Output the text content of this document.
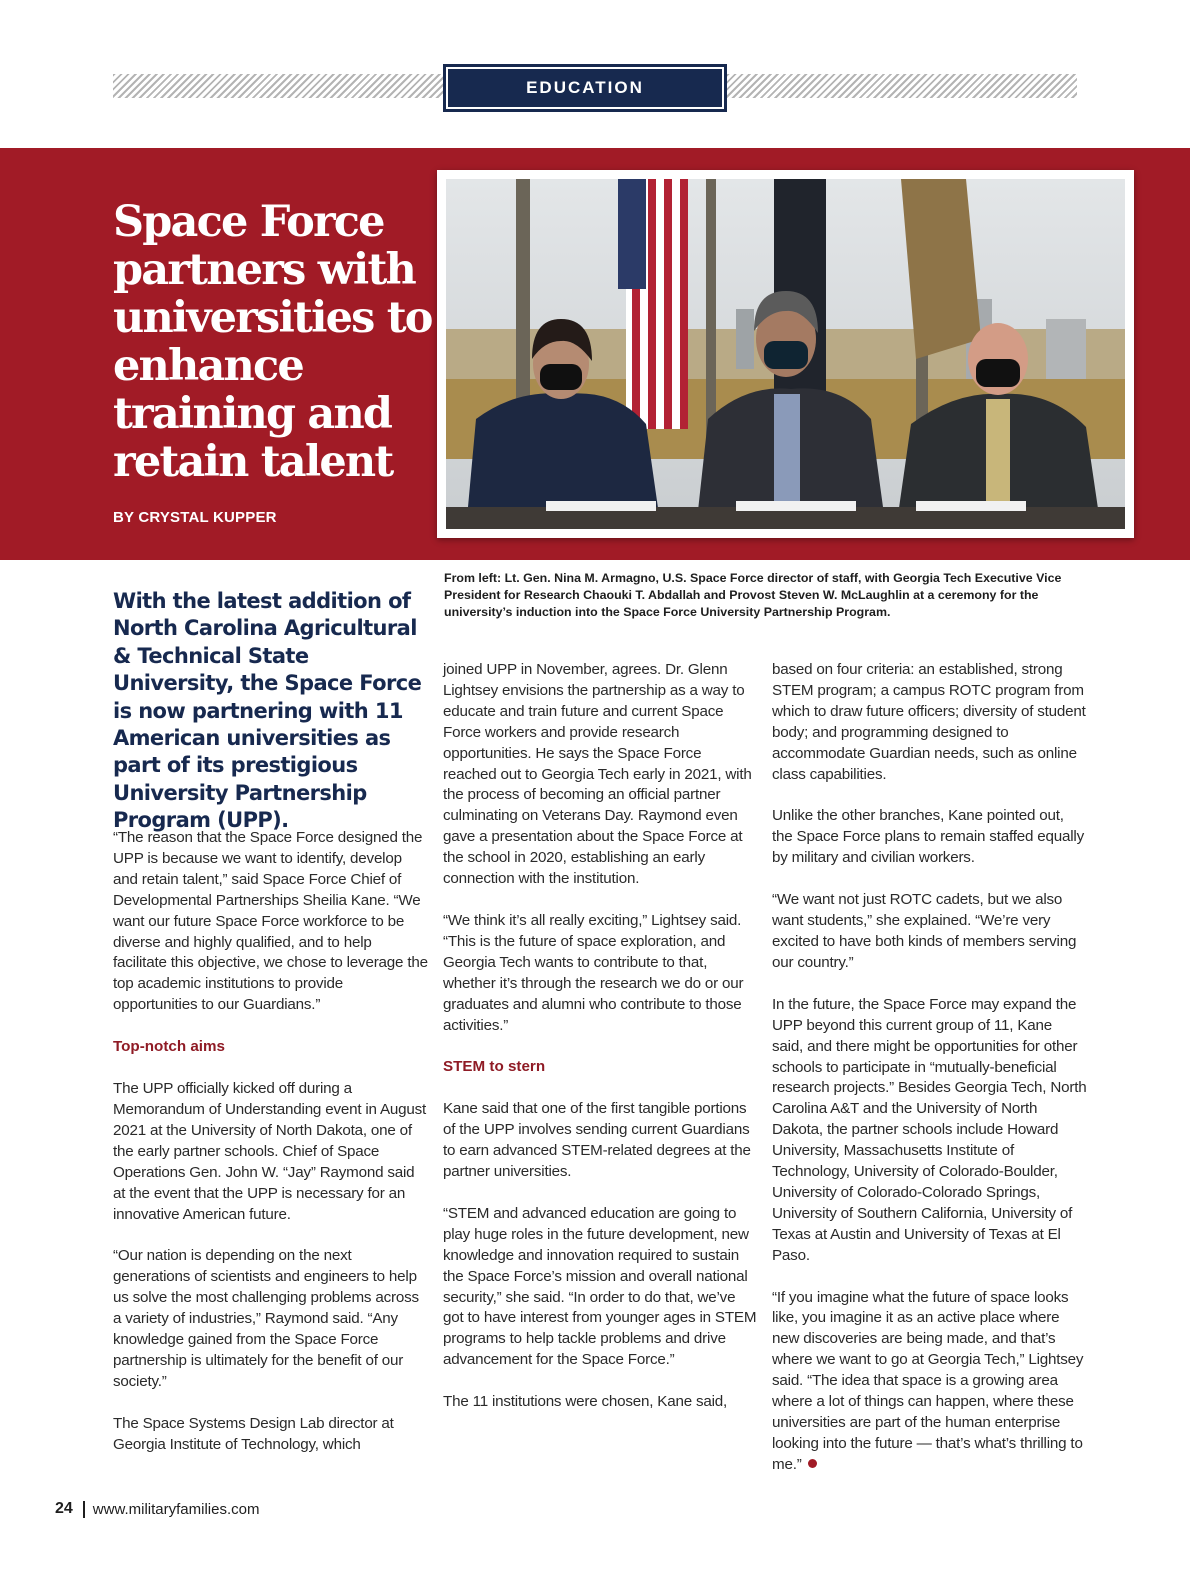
EDUCATION
Space Force partners with universities to enhance training and retain talent

BY CRYSTAL KUPPER

From left: Lt. Gen. Nina M. Armagno, U.S. Space Force director of staff, with Georgia Tech Executive Vice President for Research Chaouki T. Abdallah and Provost Steven W. McLaughlin at a ceremony for the university’s induction into the Space Force University Partnership Program.

With the latest addition of North Carolina Agricultural & Technical State University, the Space Force is now partnering with 11 American universities as part of its prestigious University Partnership Program (UPP).

“The reason that the Space Force designed the UPP is because we want to identify, develop and retain talent,” said Space Force Chief of Developmental Partnerships Sheilia Kane. “We want our future Space Force workforce to be diverse and highly qualified, and to help facilitate this objective, we chose to leverage the top academic institutions to provide opportunities to our Guardians.”

Top-notch aims

The UPP officially kicked off during a Memorandum of Understanding event in August 2021 at the University of North Dakota, one of the early partner schools. Chief of Space Operations Gen. John W. “Jay” Raymond said at the event that the UPP is necessary for an innovative American future.

“Our nation is depending on the next generations of scientists and engineers to help us solve the most challenging problems across a variety of industries,” Raymond said. “Any knowledge gained from the Space Force partnership is ultimately for the benefit of our society.”

The Space Systems Design Lab director at Georgia Institute of Technology, which

joined UPP in November, agrees. Dr. Glenn Lightsey envisions the partnership as a way to educate and train future and current Space Force workers and provide research opportunities. He says the Space Force reached out to Georgia Tech early in 2021, with the process of becoming an official partner culminating on Veterans Day. Raymond even gave a presentation about the Space Force at the school in 2020, establishing an early connection with the institution.

“We think it’s all really exciting,” Lightsey said. “This is the future of space exploration, and Georgia Tech wants to contribute to that, whether it’s through the research we do or our graduates and alumni who contribute to those activities.”

STEM to stern

Kane said that one of the first tangible portions of the UPP involves sending current Guardians to earn advanced STEM-related degrees at the partner universities.

“STEM and advanced education are going to play huge roles in the future development, new knowledge and innovation required to sustain the Space Force’s mission and overall national security,” she said. “In order to do that, we’ve got to have interest from younger ages in STEM programs to help tackle problems and drive advancement for the Space Force.”

The 11 institutions were chosen, Kane said,

based on four criteria: an established, strong STEM program; a campus ROTC program from which to draw future officers; diversity of student body; and programming designed to accommodate Guardian needs, such as online class capabilities.

Unlike the other branches, Kane pointed out, the Space Force plans to remain staffed equally by military and civilian workers.

“We want not just ROTC cadets, but we also want students,” she explained. “We’re very excited to have both kinds of members serving our country.”

In the future, the Space Force may expand the UPP beyond this current group of 11, Kane said, and there might be opportunities for other schools to participate in “mutually-beneficial research projects.” Besides Georgia Tech, North Carolina A&T and the University of North Dakota, the partner schools include Howard University, Massachusetts Institute of Technology, University of Colorado-Boulder, University of Colorado-Colorado Springs, University of Southern California, University of Texas at Austin and University of Texas at El Paso.

“If you imagine what the future of space looks like, you imagine it as an active place where new discoveries are being made, and that’s where we want to go at Georgia Tech,” Lightsey said. “The idea that space is a growing area where a lot of things can happen, where these universities are part of the human enterprise looking into the future — that’s what’s thrilling to me.”

24 www.militaryfamilies.com
